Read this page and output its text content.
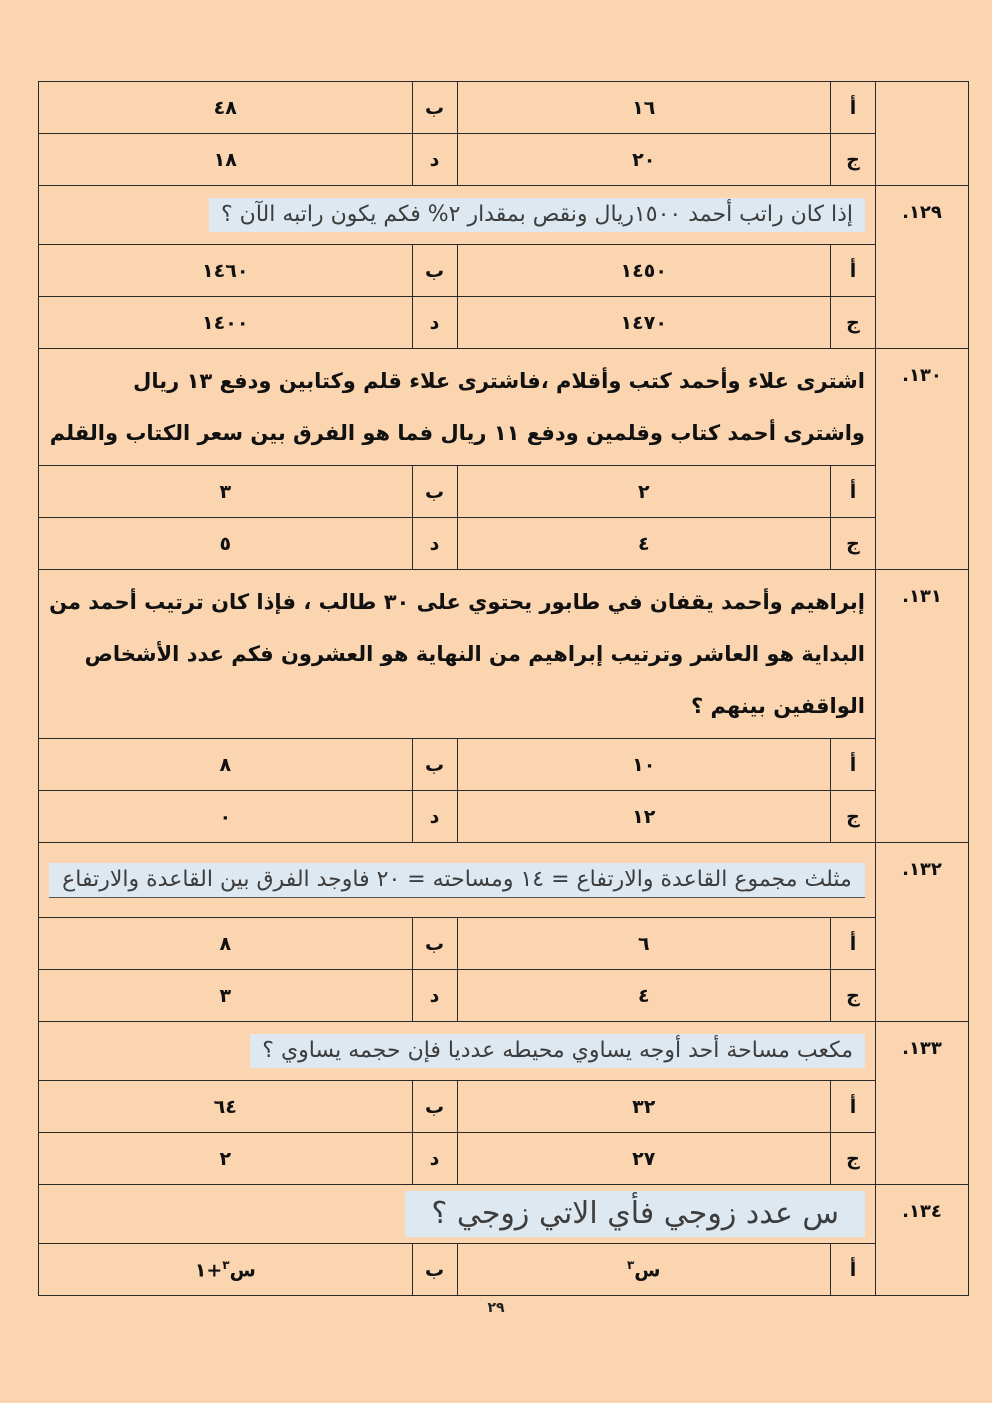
	أ	١٦	ب	٤٨
	ج	٢٠	د	١٨
١٢٩.	إذا كان راتب أحمد ١٥٠٠ريال ونقص بمقدار ٢% فكم يكون راتبه الآن ؟			
	أ	١٤٥٠	ب	١٤٦٠
	ج	١٤٧٠	د	١٤٠٠
١٣٠.	اشترى علاء وأحمد كتب وأقلام ،فاشترى علاء قلم وكتابين ودفع ١٣ ريال واشترى أحمد كتاب وقلمين ودفع ١١ ريال فما هو الفرق بين سعر الكتاب والقلم			
	أ	٢	ب	٣
	ج	٤	د	٥
١٣١.	إبراهيم وأحمد يقفان في طابور يحتوي على ٣٠ طالب ، فإذا كان ترتيب أحمد من البداية هو العاشر وترتيب إبراهيم من النهاية هو العشرون فكم عدد الأشخاص الواقفين بينهم ؟			
	أ	١٠	ب	٨
	ج	١٢	د	٠
١٣٢.	مثلث مجموع القاعدة والارتفاع = ١٤ ومساحته = ٢٠ فاوجد الفرق بين القاعدة والارتفاع			

	أ	٦	ب	٨
	ج	٤	د	٣
١٣٣.	مكعب مساحة أحد أوجه يساوي محيطه عدديا فإن حجمه يساوي ؟			
	أ	٣٢	ب	٦٤
	ج	٢٧	د	٢
١٣٤.	س عدد زوجي فأي الاتي زوجي ؟			
	أ	س$^٣$	ب	س$^٣$+١
٢٩
